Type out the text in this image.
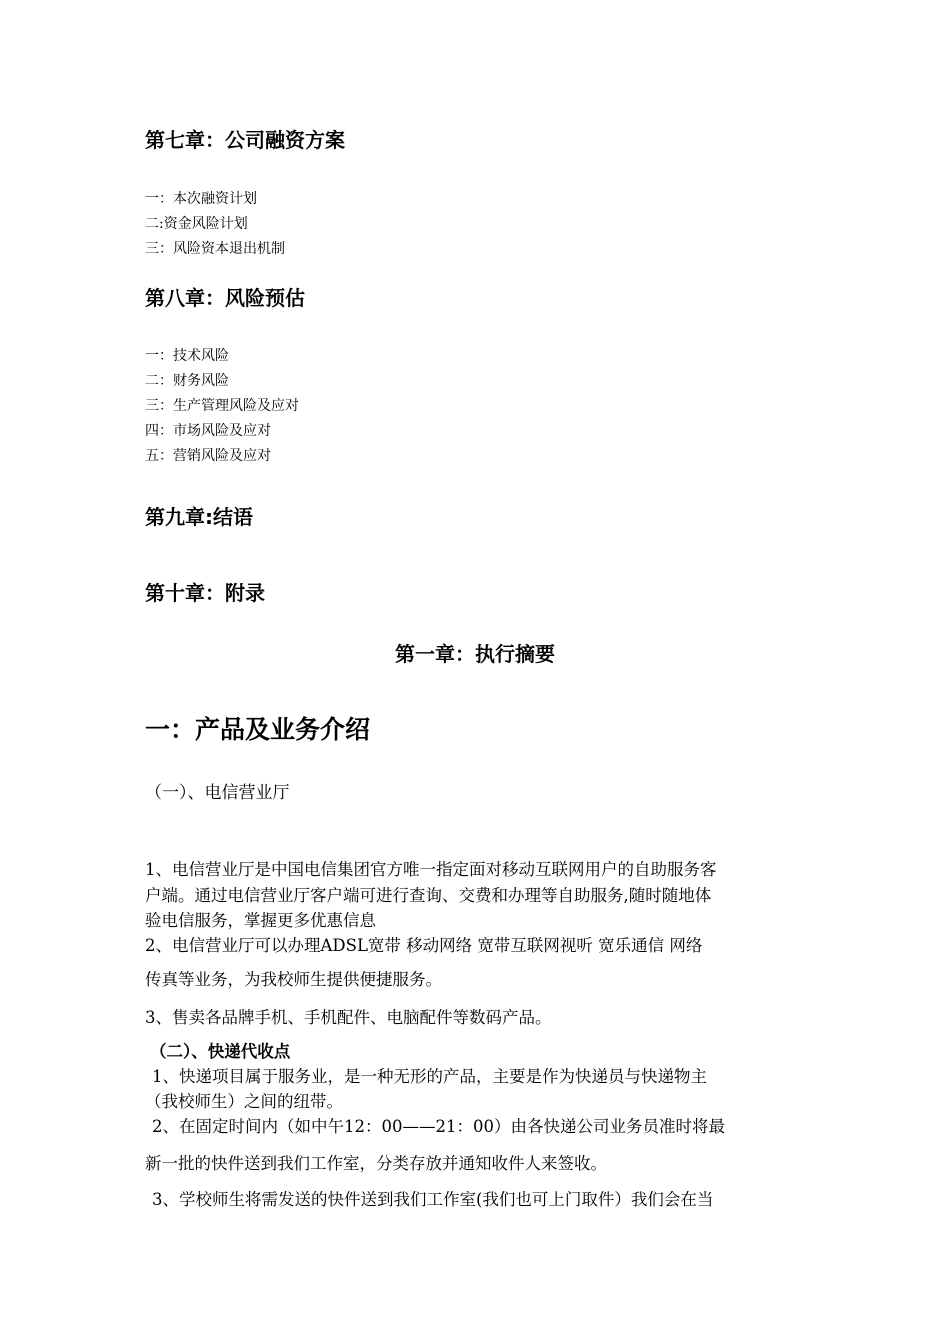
第七章：公司融资方案
一：本次融资计划
二:资金风险计划
三：风险资本退出机制
第八章：风险预估
一：技术风险
二：财务风险
三：生产管理风险及应对
四：市场风险及应对
五：营销风险及应对
第九章:结语
第十章：附录
第一章：执行摘要
一：产品及业务介绍
（一）、电信营业厅
1、电信营业厅是中国电信集团官方唯一指定面对移动互联网用户的自助服务客
户端。通过电信营业厅客户端可进行查询、交费和办理等自助服务,随时随地体
验电信服务，掌握更多优惠信息
2、电信营业厅可以办理ADSL宽带 移动网络 宽带互联网视听 宽乐通信 网络
传真等业务，为我校师生提供便捷服务。
3、售卖各品牌手机、手机配件、电脑配件等数码产品。
（二）、快递代收点
1、快递项目属于服务业，是一种无形的产品，主要是作为快递员与快递物主
（我校师生）之间的纽带。
2、在固定时间内（如中午12：00——21：00）由各快递公司业务员准时将最
新一批的快件送到我们工作室，分类存放并通知收件人来签收。
3、学校师生将需发送的快件送到我们工作室(我们也可上门取件）我们会在当
